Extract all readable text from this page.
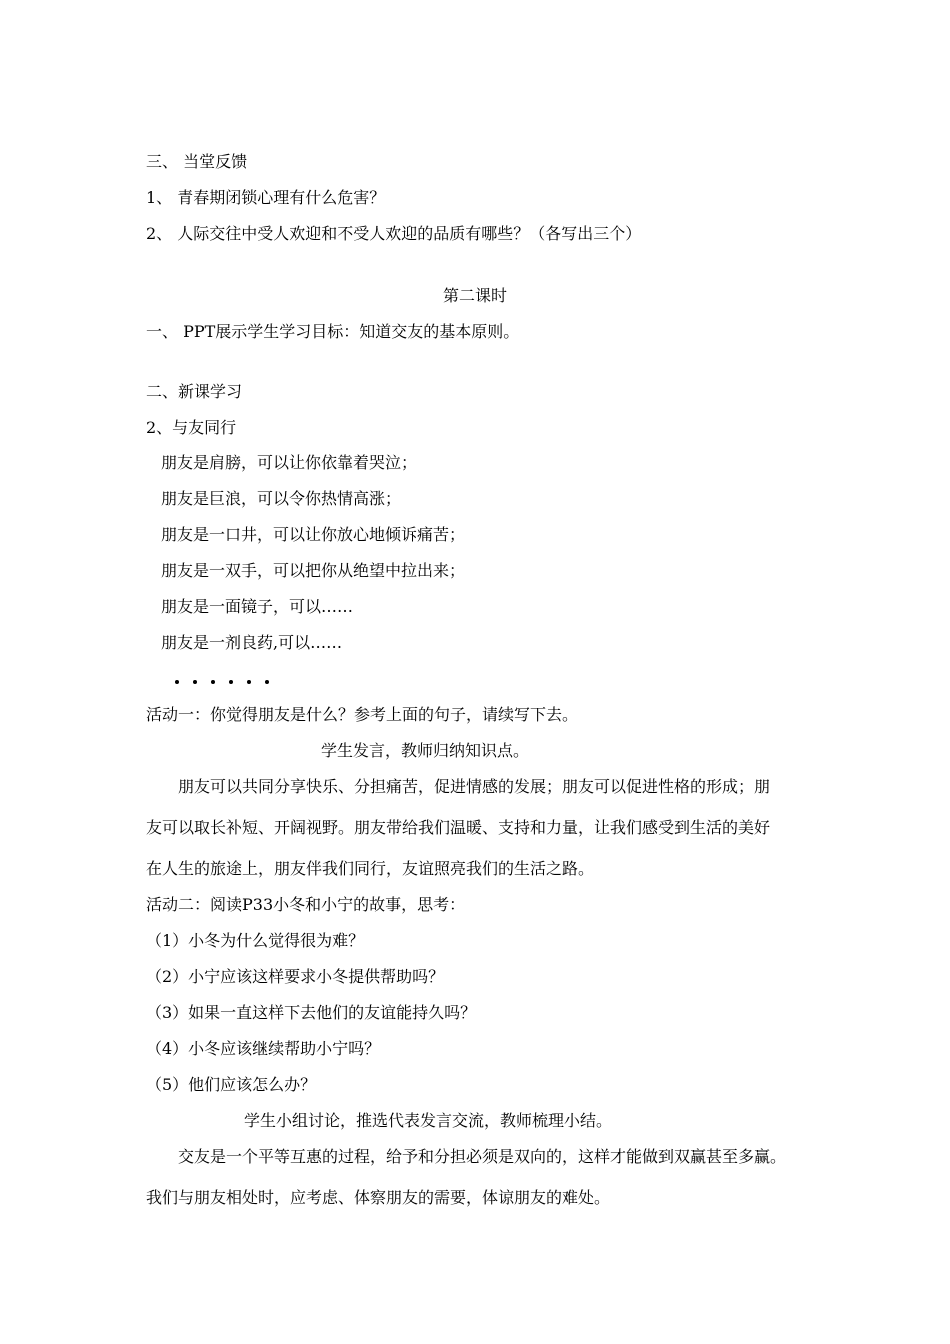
三、 当堂反馈
1、 青春期闭锁心理有什么危害？
2、 人际交往中受人欢迎和不受人欢迎的品质有哪些？（各写出三个）
第二课时
一、 PPT展示学生学习目标：知道交友的基本原则。
二、新课学习
2、与友同行
朋友是肩膀，可以让你依靠着哭泣；
朋友是巨浪，可以令你热情高涨；
朋友是一口井，可以让你放心地倾诉痛苦；
朋友是一双手，可以把你从绝望中拉出来；
朋友是一面镜子，可以……
朋友是一剂良药,可以……
活动一：你觉得朋友是什么？参考上面的句子，请续写下去。
学生发言，教师归纳知识点。
朋友可以共同分享快乐、分担痛苦，促进情感的发展；朋友可以促进性格的形成；朋
友可以取长补短、开阔视野。朋友带给我们温暖、支持和力量，让我们感受到生活的美好
在人生的旅途上，朋友伴我们同行，友谊照亮我们的生活之路。
活动二：阅读P33小冬和小宁的故事，思考：
（1）小冬为什么觉得很为难？
（2）小宁应该这样要求小冬提供帮助吗？
（3）如果一直这样下去他们的友谊能持久吗？
（4）小冬应该继续帮助小宁吗？
（5）他们应该怎么办？
学生小组讨论，推选代表发言交流，教师梳理小结。
交友是一个平等互惠的过程，给予和分担必须是双向的，这样才能做到双赢甚至多赢。
我们与朋友相处时，应考虑、体察朋友的需要，体谅朋友的难处。
